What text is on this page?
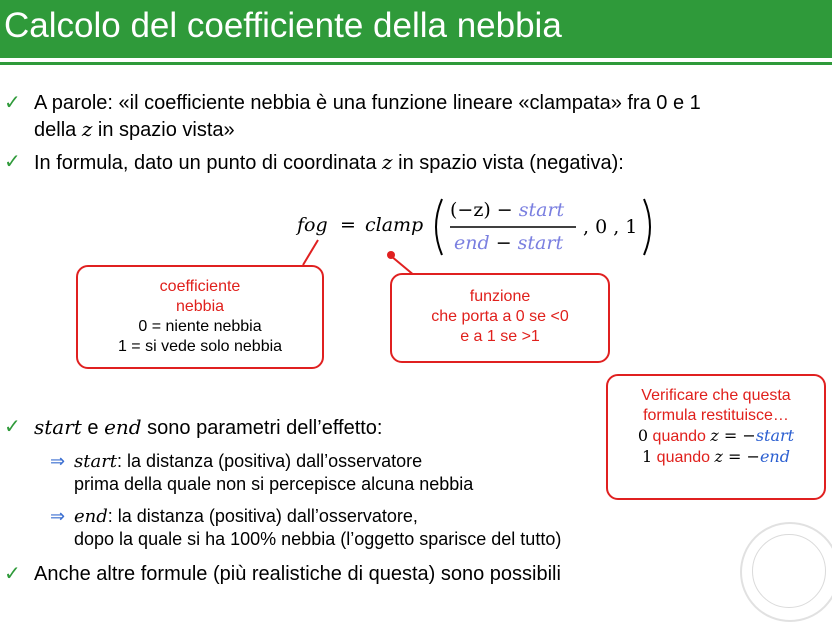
Calcolo del coefficiente della nebbia
✓ A parole: «il coefficiente nebbia è una funzione lineare «clampata» fra 0 e 1
della z in spazio vista»
✓ In formula, dato un punto di coordinata z in spazio vista (negativa):
fog = clamp
(−z) − start
end − start
, 0 , 1
coefficiente
nebbia
0 = niente nebbia
1 = si vede solo nebbia
funzione
che porta a 0 se <0
e a 1 se >1
Verificare che questa
formula restituisce…
0 quando z = −start
1 quando z = −end
✓ start e end sono parametri dell’effetto:
⇒ start: la distanza (positiva) dall’osservatore
prima della quale non si percepisce alcuna nebbia
⇒ end: la distanza (positiva) dall’osservatore,
dopo la quale si ha 100% nebbia (l’oggetto sparisce del tutto)
✓ Anche altre formule (più realistiche di questa) sono possibili
